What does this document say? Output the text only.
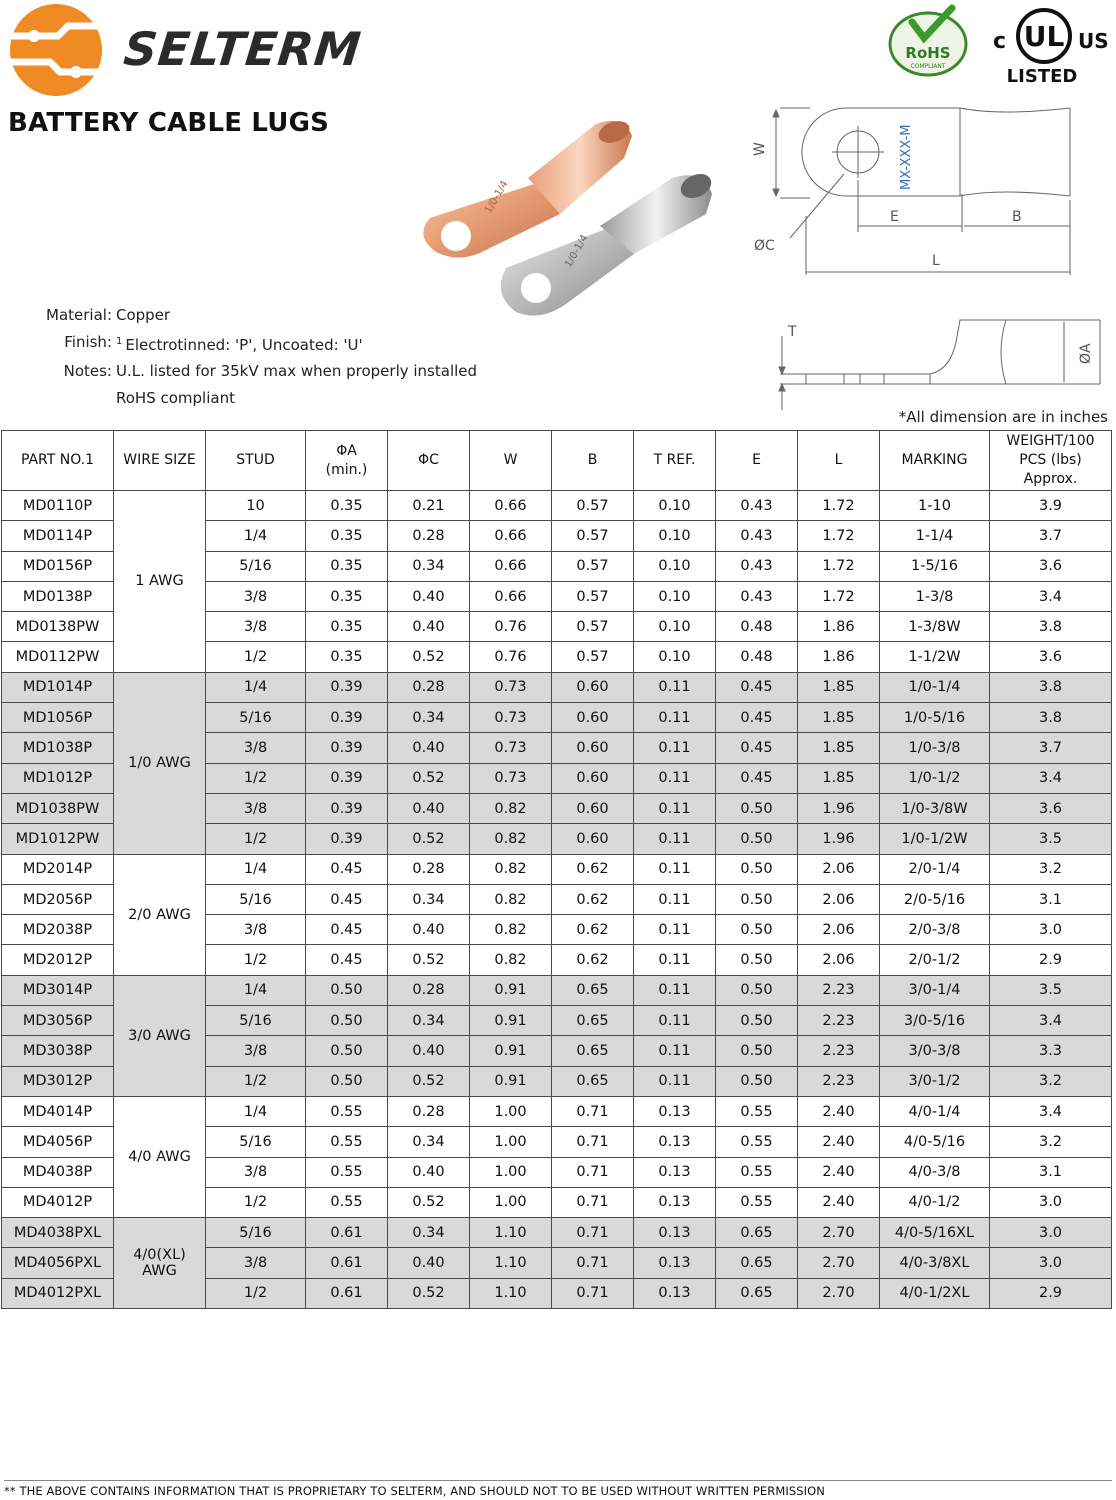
SELTERM	RoHS
COMPLIANT
c UL US
LISTED
BATTERY CABLE LUGS
1/0-1/4
1/0-1/4
MX-XXX-M
W
E	B
ØC
L
T
ØA
Material: Copper
Finish: $^1$ Electrotinned: 'P', Uncoated: 'U'
Notes: U.L. listed for 35kV max when properly installed
RoHS compliant
*All dimension are in inches
PART NO.1	WIRE SIZE	STUD	ΦA
(min.)	ΦC	W	B	T REF.	E	L	MARKING	WEIGHT/100
PCS (lbs)
Approx.
MD0110P	1 AWG	10	0.35	0.21	0.66	0.57	0.10	0.43	1.72	1-10	3.9
MD0114P		1/4	0.35	0.28	0.66	0.57	0.10	0.43	1.72	1-1/4	3.7
MD0156P		5/16	0.35	0.34	0.66	0.57	0.10	0.43	1.72	1-5/16	3.6
MD0138P		3/8	0.35	0.40	0.66	0.57	0.10	0.43	1.72	1-3/8	3.4
MD0138PW		3/8	0.35	0.40	0.76	0.57	0.10	0.48	1.86	1-3/8W	3.8
MD0112PW		1/2	0.35	0.52	0.76	0.57	0.10	0.48	1.86	1-1/2W	3.6
MD1014P	1/0 AWG	1/4	0.39	0.28	0.73	0.60	0.11	0.45	1.85	1/0-1/4	3.8
MD1056P		5/16	0.39	0.34	0.73	0.60	0.11	0.45	1.85	1/0-5/16	3.8
MD1038P		3/8	0.39	0.40	0.73	0.60	0.11	0.45	1.85	1/0-3/8	3.7
MD1012P		1/2	0.39	0.52	0.73	0.60	0.11	0.45	1.85	1/0-1/2	3.4
MD1038PW		3/8	0.39	0.40	0.82	0.60	0.11	0.50	1.96	1/0-3/8W	3.6
MD1012PW		1/2	0.39	0.52	0.82	0.60	0.11	0.50	1.96	1/0-1/2W	3.5
MD2014P	2/0 AWG	1/4	0.45	0.28	0.82	0.62	0.11	0.50	2.06	2/0-1/4	3.2
MD2056P		5/16	0.45	0.34	0.82	0.62	0.11	0.50	2.06	2/0-5/16	3.1
MD2038P		3/8	0.45	0.40	0.82	0.62	0.11	0.50	2.06	2/0-3/8	3.0
MD2012P		1/2	0.45	0.52	0.82	0.62	0.11	0.50	2.06	2/0-1/2	2.9
MD3014P	3/0 AWG	1/4	0.50	0.28	0.91	0.65	0.11	0.50	2.23	3/0-1/4	3.5
MD3056P		5/16	0.50	0.34	0.91	0.65	0.11	0.50	2.23	3/0-5/16	3.4
MD3038P		3/8	0.50	0.40	0.91	0.65	0.11	0.50	2.23	3/0-3/8	3.3
MD3012P		1/2	0.50	0.52	0.91	0.65	0.11	0.50	2.23	3/0-1/2	3.2
MD4014P	4/0 AWG	1/4	0.55	0.28	1.00	0.71	0.13	0.55	2.40	4/0-1/4	3.4
MD4056P		5/16	0.55	0.34	1.00	0.71	0.13	0.55	2.40	4/0-5/16	3.2
MD4038P		3/8	0.55	0.40	1.00	0.71	0.13	0.55	2.40	4/0-3/8	3.1
MD4012P		1/2	0.55	0.52	1.00	0.71	0.13	0.55	2.40	4/0-1/2	3.0
MD4038PXL	4/0(XL)
AWG	5/16	0.61	0.34	1.10	0.71	0.13	0.65	2.70	4/0-5/16XL	3.0
MD4056PXL		3/8	0.61	0.40	1.10	0.71	0.13	0.65	2.70	4/0-3/8XL	3.0
MD4012PXL		1/2	0.61	0.52	1.10	0.71	0.13	0.65	2.70	4/0-1/2XL	2.9
** THE ABOVE CONTAINS INFORMATION THAT IS PROPRIETARY TO SELTERM, AND SHOULD NOT TO BE USED WITHOUT WRITTEN PERMISSION
